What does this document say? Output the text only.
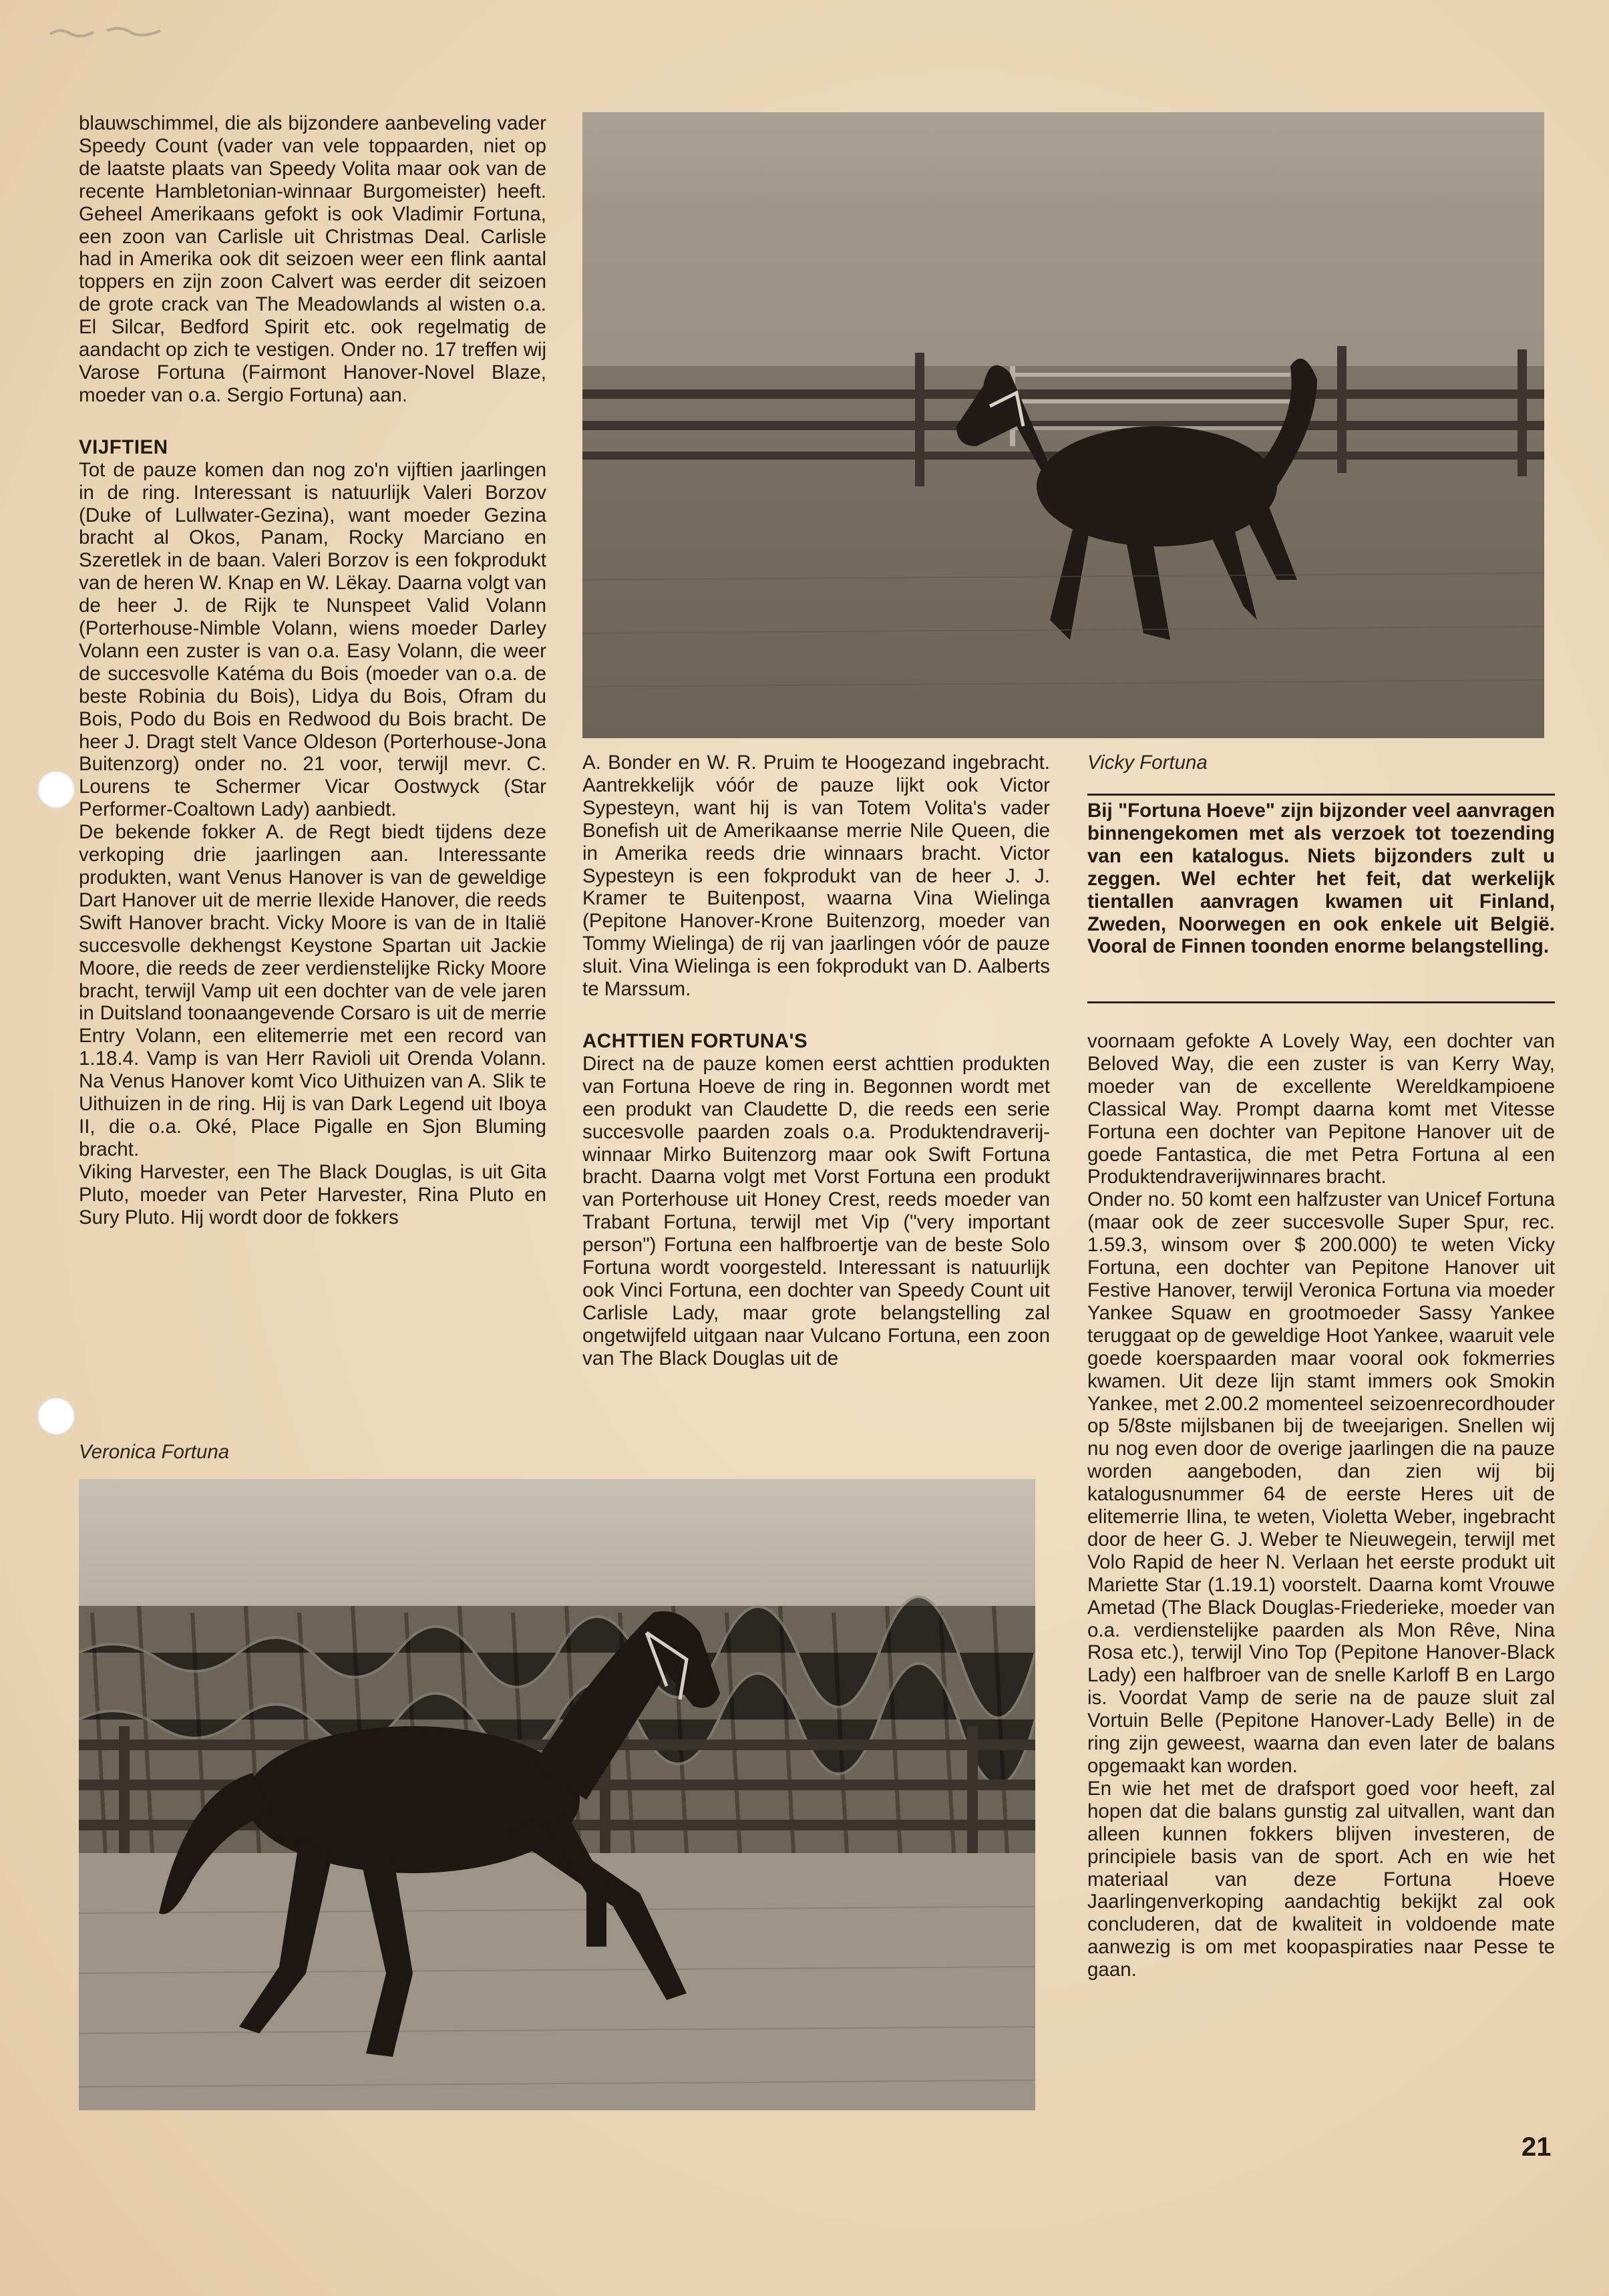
Vicky Fortuna
Veronica Fortuna
Bij "Fortuna Hoeve" zijn bijzonder veel aanvragen binnengekomen met als verzoek tot toezending van een katalogus. Niets bijzonders zult u zeggen. Wel echter het feit, dat werkelijk tientallen aanvragen kwamen uit Finland, Zweden, Noorwegen en ook enkele uit België. Vooral de Finnen toonden enorme belangstelling.

blauwschimmel, die als bijzondere aanbeveling vader Speedy Count (vader van vele toppaarden, niet op de laatste plaats van Speedy Volita maar ook van de recente Hambletonian-winnaar Burgomeister) heeft. Geheel Amerikaans gefokt is ook Vladimir Fortuna, een zoon van Carlisle uit Christmas Deal. Carlisle had in Amerika ook dit seizoen weer een flink aantal toppers en zijn zoon Calvert was eerder dit seizoen de grote crack van The Meadowlands al wisten o.a. El Silcar, Bedford Spirit etc. ook regelmatig de aandacht op zich te vestigen. Onder no. 17 treffen wij Varose Fortuna (Fairmont Hanover-Novel Blaze, moeder van o.a. Sergio Fortuna) aan.

VIJFTIEN

Tot de pauze komen dan nog zo'n vijftien jaarlingen in de ring. Interessant is natuurlijk Valeri Borzov (Duke of Lullwater-Gezina), want moeder Gezina bracht al Okos, Panam, Rocky Marciano en Szeretlek in de baan. Valeri Borzov is een fokprodukt van de heren W. Knap en W. Lëkay. Daarna volgt van de heer J. de Rijk te Nunspeet Valid Volann (Porterhouse-Nimble Volann, wiens moeder Darley Volann een zuster is van o.a. Easy Volann, die weer de succesvolle Katéma du Bois (moeder van o.a. de beste Robinia du Bois), Lidya du Bois, Ofram du Bois, Podo du Bois en Redwood du Bois bracht. De heer J. Dragt stelt Vance Oldeson (Porterhouse-Jona Buitenzorg) onder no. 21 voor, terwijl mevr. C. Lourens te Schermer Vicar Oostwyck (Star Performer-Coaltown Lady) aanbiedt.

De bekende fokker A. de Regt biedt tijdens deze verkoping drie jaarlingen aan. Interessante produkten, want Venus Hanover is van de geweldige Dart Hanover uit de merrie Ilexide Hanover, die reeds Swift Hanover bracht. Vicky Moore is van de in Italië succesvolle dekhengst Keystone Spartan uit Jackie Moore, die reeds de zeer verdienstelijke Ricky Moore bracht, terwijl Vamp uit een dochter van de vele jaren in Duitsland toonaangevende Corsaro is uit de merrie Entry Volann, een elitemerrie met een record van 1.18.4. Vamp is van Herr Ravioli uit Orenda Volann. Na Venus Hanover komt Vico Uithuizen van A. Slik te Uithuizen in de ring. Hij is van Dark Legend uit Iboya II, die o.a. Oké, Place Pigalle en Sjon Bluming bracht.

Viking Harvester, een The Black Douglas, is uit Gita Pluto, moeder van Peter Harvester, Rina Pluto en Sury Pluto. Hij wordt door de fokkers

A. Bonder en W. R. Pruim te Hoogezand ingebracht. Aantrekkelijk vóór de pauze lijkt ook Victor Sypesteyn, want hij is van Totem Volita's vader Bonefish uit de Amerikaanse merrie Nile Queen, die in Amerika reeds drie winnaars bracht. Victor Sypesteyn is een fokprodukt van de heer J. J. Kramer te Buitenpost, waarna Vina Wielinga (Pepitone Hanover-Krone Buitenzorg, moeder van Tommy Wielinga) de rij van jaarlingen vóór de pauze sluit. Vina Wielinga is een fokprodukt van D. Aalberts te Marssum.

ACHTTIEN FORTUNA'S

Direct na de pauze komen eerst achttien produkten van Fortuna Hoeve de ring in. Begonnen wordt met een produkt van Claudette D, die reeds een serie succesvolle paarden zoals o.a. Produktendraverij-winnaar Mirko Buitenzorg maar ook Swift Fortuna bracht. Daarna volgt met Vorst Fortuna een produkt van Porterhouse uit Honey Crest, reeds moeder van Trabant Fortuna, terwijl met Vip ("very important person") Fortuna een halfbroertje van de beste Solo Fortuna wordt voorgesteld. Interessant is natuurlijk ook Vinci Fortuna, een dochter van Speedy Count uit Carlisle Lady, maar grote belangstelling zal ongetwijfeld uitgaan naar Vulcano Fortuna, een zoon van The Black Douglas uit de

voornaam gefokte A Lovely Way, een dochter van Beloved Way, die een zuster is van Kerry Way, moeder van de excellente Wereldkampioene Classical Way. Prompt daarna komt met Vitesse Fortuna een dochter van Pepitone Hanover uit de goede Fantastica, die met Petra Fortuna al een Produktendraverijwinnares bracht.

Onder no. 50 komt een halfzuster van Unicef Fortuna (maar ook de zeer succesvolle Super Spur, rec. 1.59.3, winsom over $ 200.000) te weten Vicky Fortuna, een dochter van Pepitone Hanover uit Festive Hanover, terwijl Veronica Fortuna via moeder Yankee Squaw en grootmoeder Sassy Yankee teruggaat op de geweldige Hoot Yankee, waaruit vele goede koerspaarden maar vooral ook fokmerries kwamen. Uit deze lijn stamt immers ook Smokin Yankee, met 2.00.2 momenteel seizoenrecordhouder op 5/8ste mijlsbanen bij de tweejarigen. Snellen wij nu nog even door de overige jaarlingen die na pauze worden aangeboden, dan zien wij bij katalogusnummer 64 de eerste Heres uit de elitemerrie Ilina, te weten, Violetta Weber, ingebracht door de heer G. J. Weber te Nieuwegein, terwijl met Volo Rapid de heer N. Verlaan het eerste produkt uit Mariette Star (1.19.1) voorstelt. Daarna komt Vrouwe Ametad (The Black Douglas-Friederieke, moeder van o.a. verdienstelijke paarden als Mon Rêve, Nina Rosa etc.), terwijl Vino Top (Pepitone Hanover-Black Lady) een halfbroer van de snelle Karloff B en Largo is. Voordat Vamp de serie na de pauze sluit zal Vortuin Belle (Pepitone Hanover-Lady Belle) in de ring zijn geweest, waarna dan even later de balans opgemaakt kan worden.

En wie het met de drafsport goed voor heeft, zal hopen dat die balans gunstig zal uitvallen, want dan alleen kunnen fokkers blijven investeren, de principiele basis van de sport. Ach en wie het materiaal van deze Fortuna Hoeve Jaarlingenverkoping aandachtig bekijkt zal ook concluderen, dat de kwaliteit in voldoende mate aanwezig is om met koopaspiraties naar Pesse te gaan.

21
